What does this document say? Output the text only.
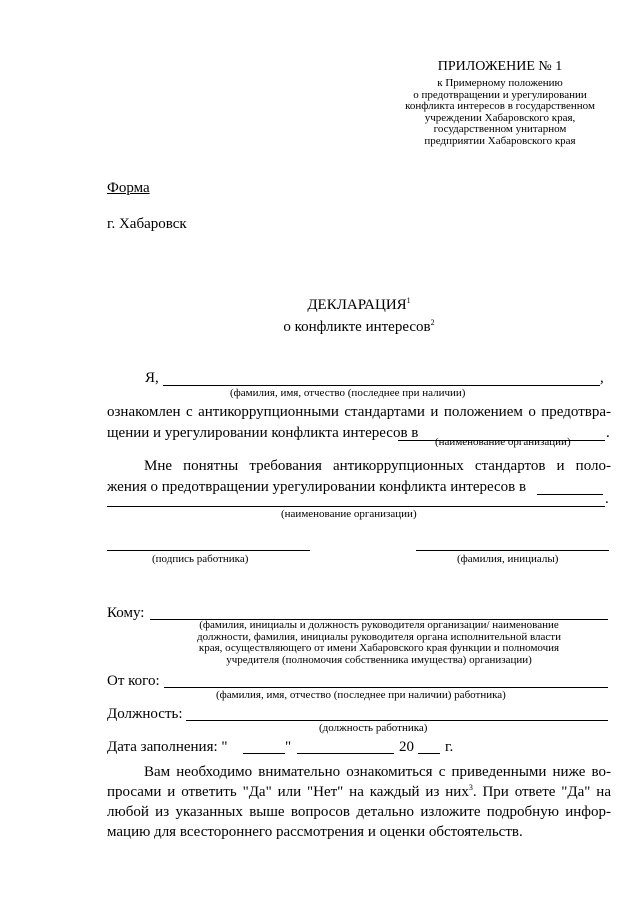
ПРИЛОЖЕНИЕ № 1
к Примерному положению
о предотвращении и урегулировании
конфликта интересов в государственном
учреждении Хабаровского края,
государственном унитарном
предприятии Хабаровского края
Форма
г. Хабаровск
ДЕКЛАРАЦИЯ$^1$
о конфликте интересов$^2$
Я,	,
(фамилия, имя, отчество (последнее при наличии)
ознакомлен с антикоррупционными стандартами и положением о предотвра-
щении и урегулировании конфликта интересов в	.
(наименование организации)
Мне понятны требования антикоррупционных стандартов и поло-
жения о предотвращении урегулировании конфликта интересов в
.
(наименование организации)
(подпись работника)	(фамилия, инициалы)
Кому:
(фамилия, инициалы и должность руководителя организации/ наименование
должности, фамилия, инициалы руководителя органа исполнительной власти
края, осуществляющего от имени Хабаровского края функции и полномочия
учредителя (полномочия собственника имущества) организации)
От кого:
(фамилия, имя, отчество (последнее при наличии) работника)
Должность:
(должность работника)
Дата заполнения: "	"	20 г.
Вам необходимо внимательно ознакомиться с приведенными ниже во-
просами и ответить "Да" или "Нет" на каждый из них$^3$. При ответе "Да" на
любой из указанных выше вопросов детально изложите подробную инфор-
мацию для всестороннего рассмотрения и оценки обстоятельств.
